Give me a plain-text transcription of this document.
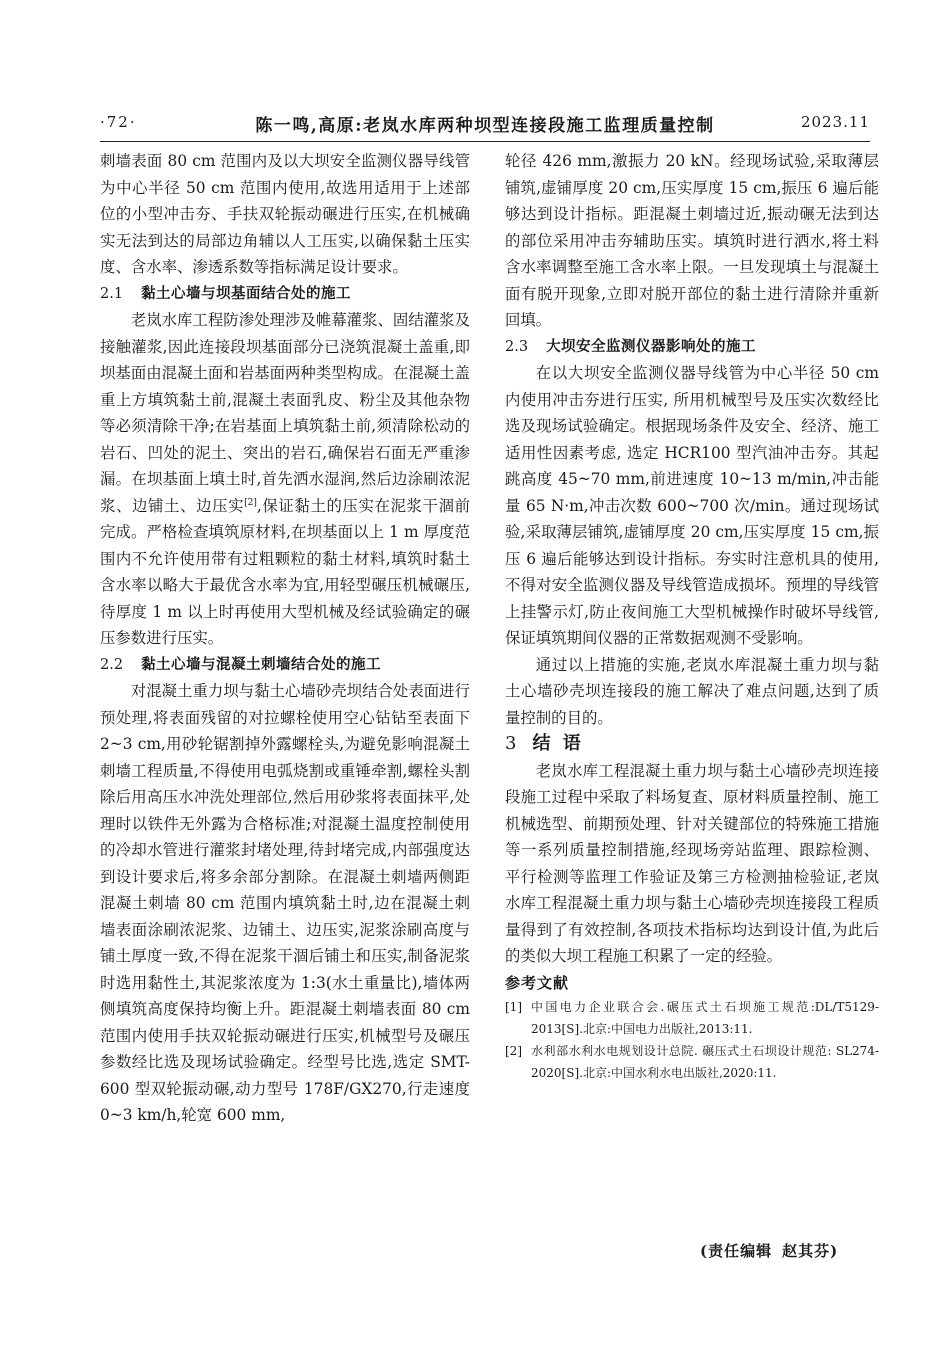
·72·	陈一鸣,高原:老岚水库两种坝型连接段施工监理质量控制	2023.11

刺墙表面 80 cm 范围内及以大坝安全监测仪器导线管为中心半径 50 cm 范围内使用,故选用适用于上述部位的小型冲击夯、手扶双轮振动碾进行压实,在机械确实无法到达的局部边角辅以人工压实,以确保黏土压实度、含水率、渗透系数等指标满足设计要求。

2.1 黏土心墙与坝基面结合处的施工

老岚水库工程防渗处理涉及帷幕灌浆、固结灌浆及接触灌浆,因此连接段坝基面部分已浇筑混凝土盖重,即坝基面由混凝土面和岩基面两种类型构成。在混凝土盖重上方填筑黏土前,混凝土表面乳皮、粉尘及其他杂物等必须清除干净;在岩基面上填筑黏土前,须清除松动的岩石、凹处的泥土、突出的岩石,确保岩石面无严重渗漏。在坝基面上填土时,首先洒水湿润,然后边涂刷浓泥浆、边铺土、边压实[2],保证黏土的压实在泥浆干涸前完成。严格检查填筑原材料,在坝基面以上 1 m 厚度范围内不允许使用带有过粗颗粒的黏土材料,填筑时黏土含水率以略大于最优含水率为宜,用轻型碾压机械碾压,待厚度 1 m 以上时再使用大型机械及经试验确定的碾压参数进行压实。

2.2 黏土心墙与混凝土刺墙结合处的施工

对混凝土重力坝与黏土心墙砂壳坝结合处表面进行预处理,将表面残留的对拉螺栓使用空心钻钻至表面下 2~3 cm,用砂轮锯割掉外露螺栓头,为避免影响混凝土刺墙工程质量,不得使用电弧烧割或重锤牵割,螺栓头割除后用高压水冲洗处理部位,然后用砂浆将表面抹平,处理时以铁件无外露为合格标准;对混凝土温度控制使用的冷却水管进行灌浆封堵处理,待封堵完成,内部强度达到设计要求后,将多余部分割除。在混凝土刺墙两侧距混凝土刺墙 80 cm 范围内填筑黏土时,边在混凝土刺墙表面涂刷浓泥浆、边铺土、边压实,泥浆涂刷高度与铺土厚度一致,不得在泥浆干涸后铺土和压实,制备泥浆时选用黏性土,其泥浆浓度为 1:3(水土重量比),墙体两侧填筑高度保持均衡上升。距混凝土刺墙表面 80 cm 范围内使用手扶双轮振动碾进行压实,机械型号及碾压参数经比选及现场试验确定。经型号比选,选定 SMT-600 型双轮振动碾,动力型号 178F/GX270,行走速度 0~3 km/h,轮宽 600 mm,

轮径 426 mm,激振力 20 kN。经现场试验,采取薄层铺筑,虚铺厚度 20 cm,压实厚度 15 cm,振压 6 遍后能够达到设计指标。距混凝土刺墙过近,振动碾无法到达的部位采用冲击夯辅助压实。填筑时进行洒水,将土料含水率调整至施工含水率上限。一旦发现填土与混凝土面有脱开现象,立即对脱开部位的黏土进行清除并重新回填。

2.3 大坝安全监测仪器影响处的施工

在以大坝安全监测仪器导线管为中心半径 50 cm 内使用冲击夯进行压实, 所用机械型号及压实次数经比选及现场试验确定。根据现场条件及安全、经济、施工适用性因素考虑, 选定 HCR100 型汽油冲击夯。其起跳高度 45~70 mm,前进速度 10~13 m/min,冲击能量 65 N·m,冲击次数 600~700 次/min。通过现场试验,采取薄层铺筑,虚铺厚度 20 cm,压实厚度 15 cm,振压 6 遍后能够达到设计指标。夯实时注意机具的使用,不得对安全监测仪器及导线管造成损坏。预埋的导线管上挂警示灯,防止夜间施工大型机械操作时破坏导线管,保证填筑期间仪器的正常数据观测不受影响。

通过以上措施的实施,老岚水库混凝土重力坝与黏土心墙砂壳坝连接段的施工解决了难点问题,达到了质量控制的目的。

3 结 语

老岚水库工程混凝土重力坝与黏土心墙砂壳坝连接段施工过程中采取了料场复查、原材料质量控制、施工机械选型、前期预处理、针对关键部位的特殊施工措施等一系列质量控制措施,经现场旁站监理、跟踪检测、平行检测等监理工作验证及第三方检测抽检验证,老岚水库工程混凝土重力坝与黏土心墙砂壳坝连接段工程质量得到了有效控制,各项技术指标均达到设计值,为此后的类似大坝工程施工积累了一定的经验。

参考文献

[1] 中国电力企业联合会.碾压式土石坝施工规范:DL/T5129-2013[S].北京:中国电力出版社,2013:11.

[2] 水利部水利水电规划设计总院. 碾压式土石坝设计规范: SL274-2020[S].北京:中国水利水电出版社,2020:11.

(责任编辑 赵其芬)
